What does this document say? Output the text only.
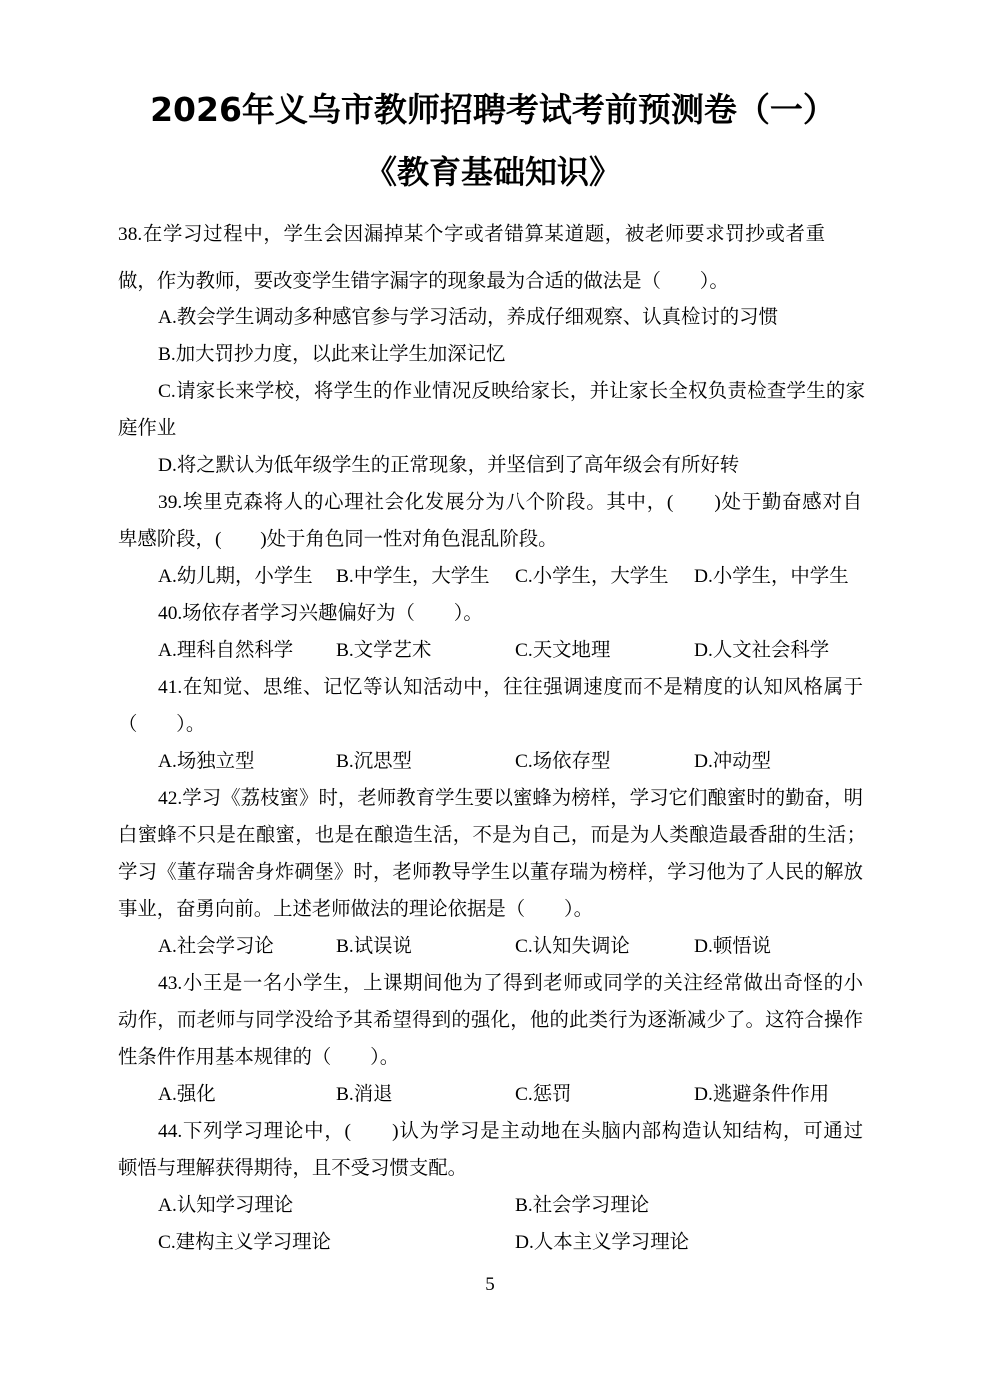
2026年义乌市教师招聘考试考前预测卷（一）
《教育基础知识》
38.在学习过程中，学生会因漏掉某个字或者错算某道题，被老师要求罚抄或者重
做，作为教师，要改变学生错字漏字的现象最为合适的做法是（　　）。
A.教会学生调动多种感官参与学习活动，养成仔细观察、认真检讨的习惯
B.加大罚抄力度，以此来让学生加深记忆
C.请家长来学校，将学生的作业情况反映给家长，并让家长全权负责检查学生的家
庭作业
D.将之默认为低年级学生的正常现象，并坚信到了高年级会有所好转
39.埃里克森将人的心理社会化发展分为八个阶段。其中，(　　)处于勤奋感对自
卑感阶段，(　　)处于角色同一性对角色混乱阶段。
A.幼儿期，小学生 B.中学生，大学生 C.小学生，大学生 D.小学生，中学生
40.场依存者学习兴趣偏好为（　　）。
A.理科自然科学 B.文学艺术	C.天文地理	D.人文社会科学
41.在知觉、思维、记忆等认知活动中，往往强调速度而不是精度的认知风格属于
（　　）。
A.场独立型	B.沉思型	C.场依存型	D.冲动型
42.学习《荔枝蜜》时，老师教育学生要以蜜蜂为榜样，学习它们酿蜜时的勤奋，明
白蜜蜂不只是在酿蜜，也是在酿造生活，不是为自己，而是为人类酿造最香甜的生活；
学习《董存瑞舍身炸碉堡》时，老师教导学生以董存瑞为榜样，学习他为了人民的解放
事业，奋勇向前。上述老师做法的理论依据是（　　）。
A.社会学习论	B.试误说	C.认知失调论	D.顿悟说
43.小王是一名小学生，上课期间他为了得到老师或同学的关注经常做出奇怪的小
动作，而老师与同学没给予其希望得到的强化，他的此类行为逐渐减少了。这符合操作
性条件作用基本规律的（　　）。
A.强化	B.消退	C.惩罚	D.逃避条件作用
44.下列学习理论中，(　　)认为学习是主动地在头脑内部构造认知结构，可通过
顿悟与理解获得期待，且不受习惯支配。
A.认知学习理论	B.社会学习理论
C.建构主义学习理论	D.人本主义学习理论
5
